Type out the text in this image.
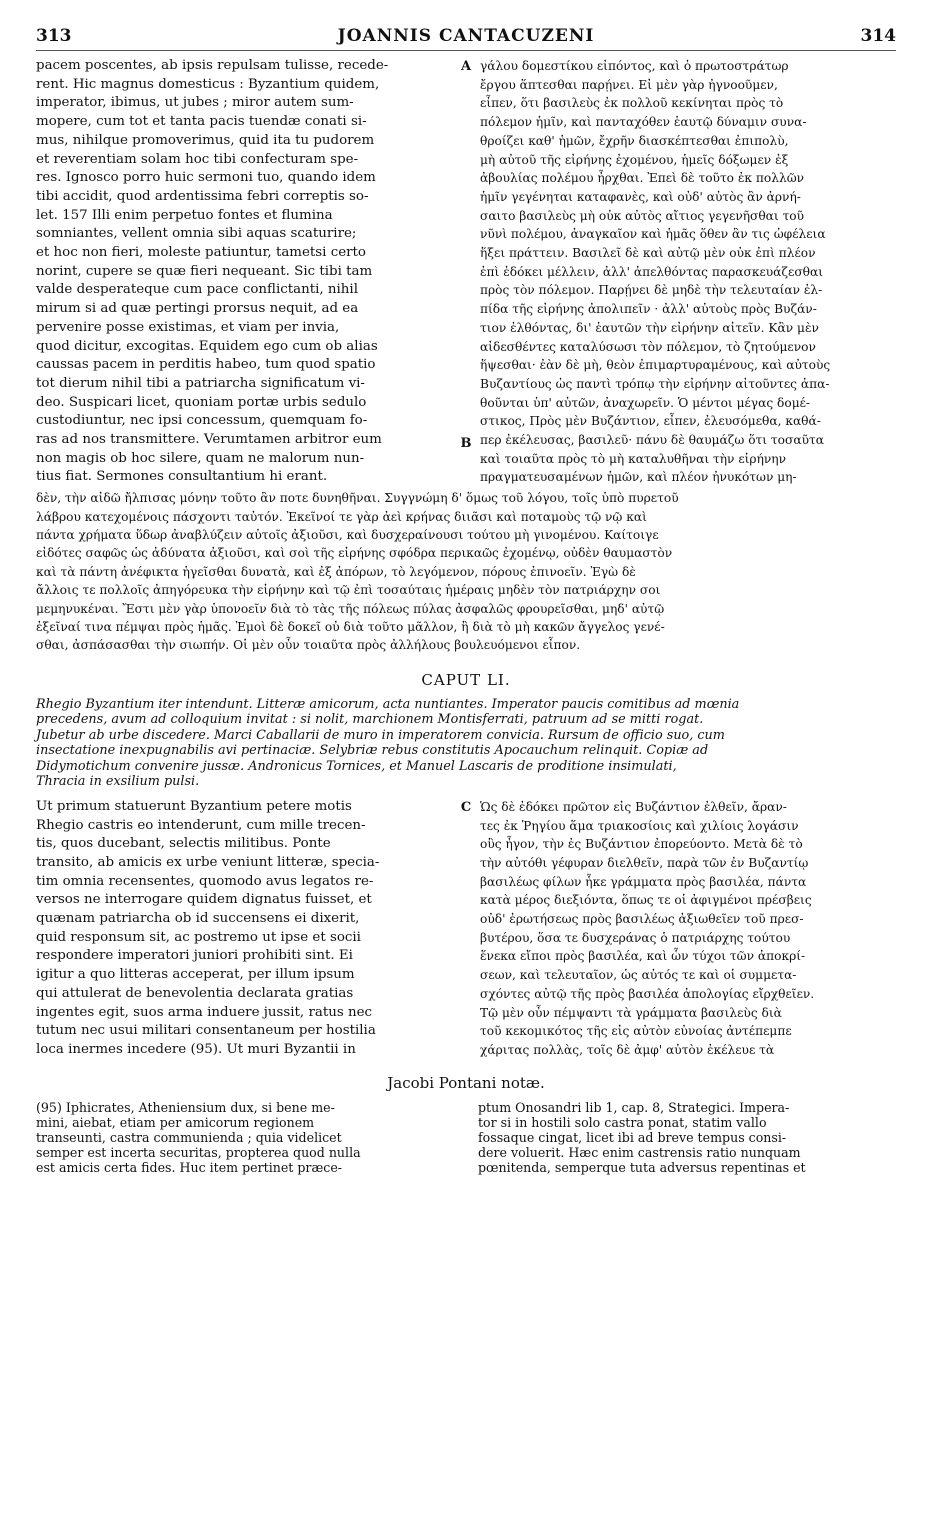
313	JOANNIS CANTACUZENI	314
pacem poscentes, ab ipsis repulsam tulisse, recede-
rent. Hic magnus domesticus : Byzantium quidem,
imperator, ibimus, ut jubes ; miror autem sum-
mopere, cum tot et tanta pacis tuendæ conati si-
mus, nihilque promoverimus, quid ita tu pudorem
et reverentiam solam hoc tibi confecturam spe-
res. Ignosco porro huic sermoni tuo, quando idem
tibi accidit, quod ardentissima febri correptis so-
let. 157 Illi enim perpetuo fontes et flumina
somniantes, vellent omnia sibi aquas scaturire;
et hoc non fieri, moleste patiuntur, tametsi certo
norint, cupere se quæ fieri nequeant. Sic tibi tam
valde desperateque cum pace conflictanti, nihil
mirum si ad quæ pertingi prorsus nequit, ad ea
pervenire posse existimas, et viam per invia,
quod dicitur, excogitas. Equidem ego cum ob alias
caussas pacem in perditis habeo, tum quod spatio
tot dierum nihil tibi a patriarcha significatum vi-
deo. Suspicari licet, quoniam portæ urbis sedulo
custodiuntur, nec ipsi concessum, quemquam fo-
ras ad nos transmittere. Verumtamen arbitror eum
non magis ob hoc silere, quam ne malorum nun-
tius fiat. Sermones consultantium hi erant.
A
B
γάλου δομεστίκου εἰπόντος, καὶ ὁ πρωτοστράτωρ
ἔργου ἅπτεσθαι παρῄνει. Εἰ μὲν γὰρ ἠγνοοῦμεν,
εἶπεν, ὅτι βασιλεὺς ἐκ πολλοῦ κεκίνηται πρὸς τὸ
πόλεμον ἡμῖν, καὶ πανταχόθεν ἑαυτῷ δύναμιν συνα-
θροίζει καθ' ἡμῶν, ἔχρῆν διασκέπτεσθαι ἐπιπολὺ,
μὴ αὐτοῦ τῆς εἰρήνης ἐχομένου, ἡμεῖς δόξωμεν ἐξ
ἀβουλίας πολέμου ἦρχθαι. Ἐπεὶ δὲ τοῦτο ἐκ πολλῶν
ἡμῖν γεγένηται καταφανὲς, καὶ οὐδ' αὐτὸς ἂν ἀρνή-
σαιτο βασιλεὺς μὴ οὐκ αὐτὸς αἴτιος γεγενῆσθαι τοῦ
νῦνὶ πολέμου, ἀναγκαῖον καὶ ἡμᾶς ὅθεν ἂν τις ὠφέλεια
ἥξει πράττειν. Βασιλεῖ δὲ καὶ αὐτῷ μὲν οὐκ ἐπὶ πλέον
ἐπὶ ἐδόκει μέλλειν, ἀλλ' ἀπελθόντας παρασκευάζεσθαι
πρὸς τὸν πόλεμον. Παρῄνει δὲ μηδὲ τὴν τελευταίαν ἐλ-
πίδα τῆς εἰρήνης ἀπολιπεῖν · ἀλλ' αὐτοὺς πρὸς Βυζάν-
τιον ἐλθόντας, δι' ἑαυτῶν τὴν εἰρήνην αἰτεῖν. Κἂν μὲν
αἰδεσθέντες καταλύσωσι τὸν πόλεμον, τὸ ζητούμενον
ἥψεσθαι· ἐὰν δὲ μὴ, θεὸν ἐπιμαρτυραμένους, καὶ αὐτοὺς
Βυζαντίους ὡς παντὶ τρόπῳ τὴν εἰρήνην αἰτοῦντες ἀπα-
θοῦνται ὑπ' αὐτῶν, ἀναχωρεῖν. Ὁ μέντοι μέγας δομέ-
στικος, Πρὸς μὲν Βυζάντιον, εἶπεν, ἐλευσόμεθα, καθά-
περ ἐκέλευσας, βασιλεῦ· πάνυ δὲ θαυμάζω ὅτι τοσαῦτα
καὶ τοιαῦτα πρὸς τὸ μὴ καταλυθῆναι τὴν εἰρήνην
πραγματευσαμένων ἡμῶν, καὶ πλέον ἠνυκότων μη-
δὲν, τὴν αἰδῶ ἤλπισας μόνην τοῦτο ἂν ποτε δυνηθῆναι. Συγγνώμη δ' ὅμως τοῦ λόγου, τοῖς ὑπὸ πυρετοῦ
λάβρου κατεχομένοις πάσχοντι ταὐτόν. Ἐκεῖνοί τε γὰρ ἀεὶ κρήνας διιᾶσι καὶ ποταμοὺς τῷ νῷ καὶ
πάντα χρήματα ὕδωρ ἀναβλύζειν αὐτοῖς ἀξιοῦσι, καὶ δυσχεραίνουσι τούτου μὴ γινομένου. Καίτοιγε
εἰδότες σαφῶς ὡς ἀδύνατα ἀξιοῦσι, καὶ σοὶ τῆς εἰρήνης σφόδρα περικαῶς ἐχομένῳ, οὐδὲν θαυμαστὸν
καὶ τὰ πάντη ἀνέφικτα ἡγεῖσθαι δυνατὰ, καὶ ἐξ ἀπόρων, τὸ λεγόμενον, πόρους ἐπινοεῖν. Ἐγὼ δὲ
ἄλλοις τε πολλοῖς ἀπηγόρευκα τὴν εἰρήνην καὶ τῷ ἐπὶ τοσαύταις ἡμέραις μηδὲν τὸν πατριάρχην σοι
μεμηνυκέναι. Ἔστι μὲν γὰρ ὑπονοεῖν διὰ τὸ τὰς τῆς πόλεως πύλας ἀσφαλῶς φρουρεῖσθαι, μηδ' αὐτῷ
ἐξεῖναί τινα πέμψαι πρὸς ἡμᾶς. Ἐμοὶ δὲ δοκεῖ οὐ διὰ τοῦτο μᾶλλον, ἢ διὰ τὸ μὴ κακῶν ἄγγελος γενέ-
σθαι, ἀσπάσασθαι τὴν σιωπήν. Οἱ μὲν οὖν τοιαῦτα πρὸς ἀλλήλους βουλευόμενοι εἶπον.
CAPUT LI.
Rhegio Byzantium iter intendunt. Litteræ amicorum, acta nuntiantes. Imperator paucis comitibus ad mœnia
precedens, avum ad colloquium invitat : si nolit, marchionem Montisferrati, patruum ad se mitti rogat.
Jubetur ab urbe discedere. Marci Caballarii de muro in imperatorem convicia. Rursum de officio suo, cum
insectatione inexpugnabilis avi pertinaciæ. Selybriæ rebus constitutis Apocauchum relinquit. Copiæ ad
Didymotichum convenire jussæ. Andronicus Tornices, et Manuel Lascaris de proditione insimulati,
Thracia in exsilium pulsi.
Ut primum statuerunt Byzantium petere motis
Rhegio castris eo intenderunt, cum mille trecen-
tis, quos ducebant, selectis militibus. Ponte
transito, ab amicis ex urbe veniunt litteræ, specia-
tim omnia recensentes, quomodo avus legatos re-
versos ne interrogare quidem dignatus fuisset, et
quænam patriarcha ob id succensens ei dixerit,
quid responsum sit, ac postremo ut ipse et socii
respondere imperatori juniori prohibiti sint. Ei
igitur a quo litteras acceperat, per illum ipsum
qui attulerat de benevolentia declarata gratias
ingentes egit, suos arma induere jussit, ratus nec
tutum nec usui militari consentaneum per hostilia
loca inermes incedere (95). Ut muri Byzantii in
C Ὡς δὲ ἐδόκει πρῶτον εἰς Βυζάντιον ἐλθεῖν, ἄραν-
τες ἐκ Ῥηγίου ἅμα τριακοσίοις καὶ χιλίοις λογάσιν
οὓς ἦγον, τὴν ἐς Βυζάντιον ἐπορεύοντο. Μετὰ δὲ τὸ
τὴν αὐτόθι γέφυραν διελθεῖν, παρὰ τῶν ἐν Βυζαντίῳ
βασιλέως φίλων ἧκε γράμματα πρὸς βασιλέα, πάντα
κατὰ μέρος διεξιόντα, ὅπως τε οἱ ἀφιγμένοι πρέσβεις
οὐδ' ἐρωτήσεως πρὸς βασιλέως ἀξιωθεῖεν τοῦ πρεσ-
βυτέρου, ὅσα τε δυσχεράνας ὁ πατριάρχης τούτου
ἕνεκα εἴποι πρὸς βασιλέα, καὶ ὧν τύχοι τῶν ἀποκρί-
σεων, καὶ τελευταῖον, ὡς αὐτός τε καὶ οἱ συμμετα-
σχόντες αὐτῷ τῆς πρὸς βασιλέα ἀπολογίας εἴρχθεῖεν.
Τῷ μὲν οὖν πέμψαντι τὰ γράμματα βασιλεὺς διὰ
τοῦ κεκομικότος τῆς εἰς αὐτὸν εὐνοίας ἀντέπεμπε
χάριτας πολλὰς, τοῖς δὲ ἀμφ' αὐτὸν ἐκέλευε τὰ
Jacobi Pontani notæ.
(95) Iphicrates, Atheniensium dux, si bene me-
mini, aiebat, etiam per amicorum regionem
transeunti, castra communienda ; quia videlicet
semper est incerta securitas, propterea quod nulla
est amicis certa fides. Huc item pertinet præce-
ptum Onosandri lib 1, cap. 8, Strategici. Impera-
tor si in hostili solo castra ponat, statim vallo
fossaque cingat, licet ibi ad breve tempus consi-
dere voluerit. Hæc enim castrensis ratio nunquam
pœnitenda, semperque tuta adversus repentinas et
